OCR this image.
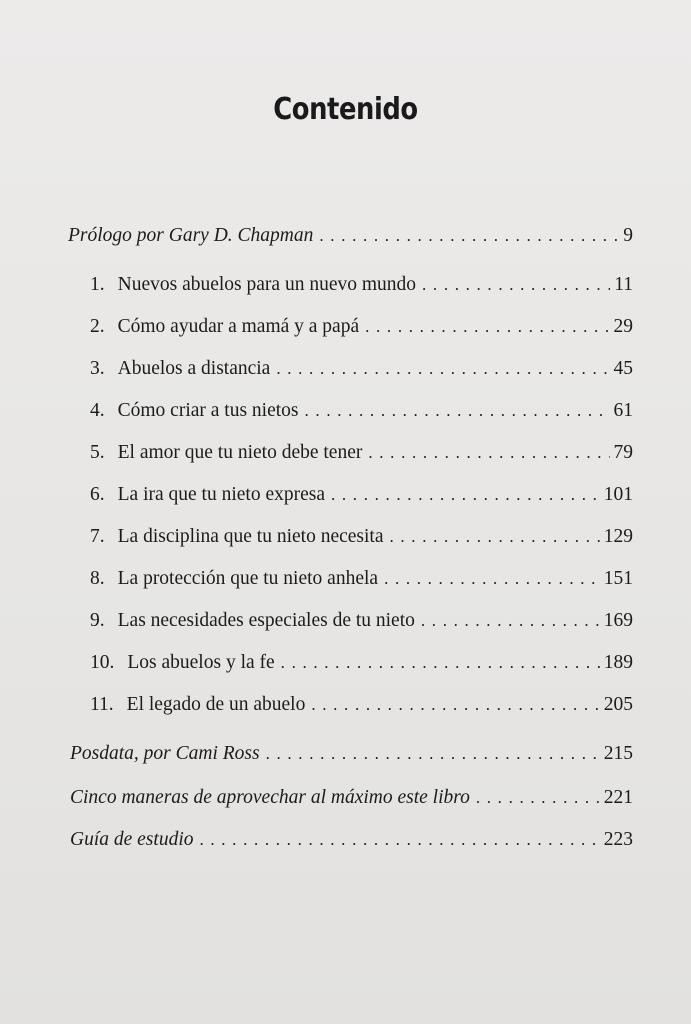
Contenido
Prólogo por Gary D. Chapman . . .	9
1. Nuevos abuelos para un nuevo mundo . . .	11
2. Cómo ayudar a mamá y a papá . . .	29
3. Abuelos a distancia . . .	45
4. Cómo criar a tus nietos . . .	61
5. El amor que tu nieto debe tener . . .	79
6. La ira que tu nieto expresa . . .	101
7. La disciplina que tu nieto necesita . . .	129
8. La protección que tu nieto anhela . . .	151
9. Las necesidades especiales de tu nieto . . .	169
10. Los abuelos y la fe . . .	189
11. El legado de un abuelo . . .	205
Posdata, por Cami Ross . . .	215
Cinco maneras de aprovechar al máximo este libro . . .	221
Guía de estudio . . .	223
